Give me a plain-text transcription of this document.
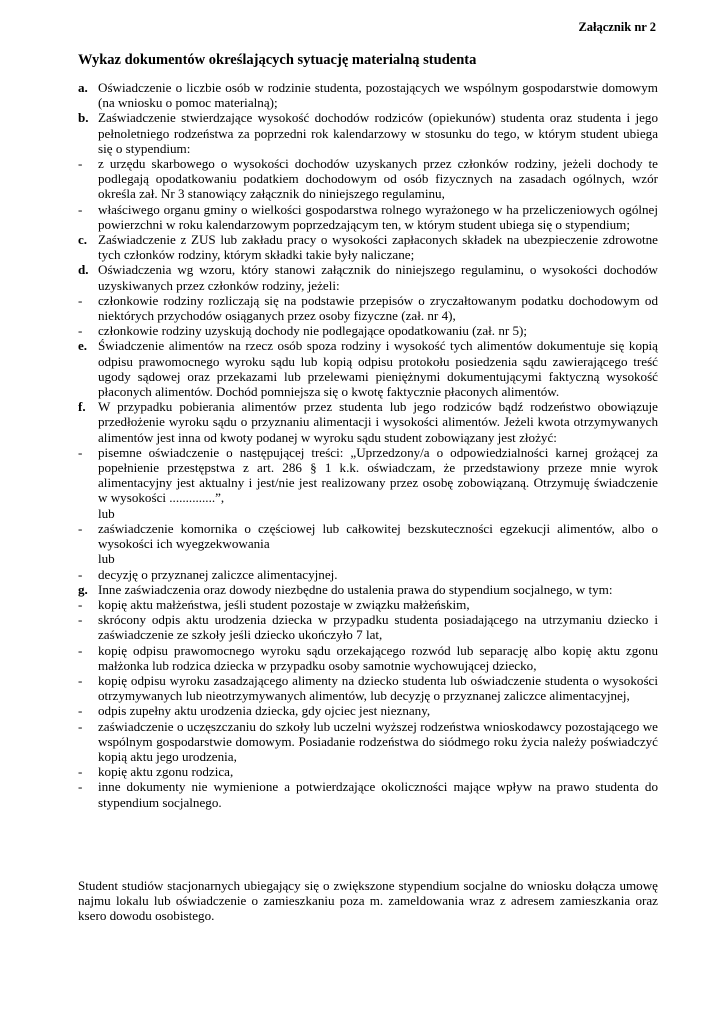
Załącznik nr 2
Wykaz dokumentów określających sytuację materialną studenta
a. Oświadczenie o liczbie osób w rodzinie studenta, pozostających we wspólnym gospodarstwie domowym (na wniosku o pomoc materialną);
b. Zaświadczenie stwierdzające wysokość dochodów rodziców (opiekunów) studenta oraz studenta i jego pełnoletniego rodzeństwa za poprzedni rok kalendarzowy w stosunku do tego, w którym student ubiega się o stypendium:
- z urzędu skarbowego o wysokości dochodów uzyskanych przez członków rodziny, jeżeli dochody te podlegają opodatkowaniu podatkiem dochodowym od osób fizycznych na zasadach ogólnych, wzór określa zał. Nr 3 stanowiący załącznik do niniejszego regulaminu,
- właściwego organu gminy o wielkości gospodarstwa rolnego wyrażonego w ha przeliczeniowych ogólnej powierzchni w roku kalendarzowym poprzedzającym ten, w którym student ubiega się o stypendium;
c. Zaświadczenie z ZUS lub zakładu pracy o wysokości zapłaconych składek na ubezpieczenie zdrowotne tych członków rodziny, którym składki takie były naliczane;
d. Oświadczenia wg wzoru, który stanowi załącznik do niniejszego regulaminu, o wysokości dochodów uzyskiwanych przez członków rodziny, jeżeli:
- członkowie rodziny rozliczają się na podstawie przepisów o zryczałtowanym podatku dochodowym od niektórych przychodów osiąganych przez osoby fizyczne (zał. nr 4),
- członkowie rodziny uzyskują dochody nie podlegające opodatkowaniu (zał. nr 5);
e. Świadczenie alimentów na rzecz osób spoza rodziny i wysokość tych alimentów dokumentuje się kopią odpisu prawomocnego wyroku sądu lub kopią odpisu protokołu posiedzenia sądu zawierającego treść ugody sądowej oraz przekazami lub przelewami pieniężnymi dokumentującymi faktyczną wysokość płaconych alimentów. Dochód pomniejsza się o kwotę faktycznie płaconych alimentów.
f. W przypadku pobierania alimentów przez studenta lub jego rodziców bądź rodzeństwo obowiązuje przedłożenie wyroku sądu o przyznaniu alimentacji i wysokości alimentów. Jeżeli kwota otrzymywanych alimentów jest inna od kwoty podanej w wyroku sądu student zobowiązany jest złożyć:
- pisemne oświadczenie o następującej treści: „Uprzedzony/a o odpowiedzialności karnej grożącej za popełnienie przestępstwa z art. 286 § 1 k.k. oświadczam, że przedstawiony przeze mnie wyrok alimentacyjny jest aktualny i jest/nie jest realizowany przez osobę zobowiązaną. Otrzymuję świadczenie w wysokości ..............”,
lub
- zaświadczenie komornika o częściowej lub całkowitej bezskuteczności egzekucji alimentów, albo o wysokości ich wyegzekwowania
lub
- decyzję o przyznanej zaliczce alimentacyjnej.
g. Inne zaświadczenia oraz dowody niezbędne do ustalenia prawa do stypendium socjalnego, w tym:
- kopię aktu małżeństwa, jeśli student pozostaje w związku małżeńskim,
- skrócony odpis aktu urodzenia dziecka w przypadku studenta posiadającego na utrzymaniu dziecko i zaświadczenie ze szkoły jeśli dziecko ukończyło 7 lat,
- kopię odpisu prawomocnego wyroku sądu orzekającego rozwód lub separację albo kopię aktu zgonu małżonka lub rodzica dziecka w przypadku osoby samotnie wychowującej dziecko,
- kopię odpisu wyroku zasadzającego alimenty na dziecko studenta lub oświadczenie studenta o wysokości otrzymywanych lub nieotrzymywanych alimentów, lub decyzję o przyznanej zaliczce alimentacyjnej,
- odpis zupełny aktu urodzenia dziecka, gdy ojciec jest nieznany,
- zaświadczenie o uczęszczaniu do szkoły lub uczelni wyższej rodzeństwa wnioskodawcy pozostającego we wspólnym gospodarstwie domowym. Posiadanie rodzeństwa do siódmego roku życia należy poświadczyć kopią aktu jego urodzenia,
- kopię aktu zgonu rodzica,
- inne dokumenty nie wymienione a potwierdzające okoliczności mające wpływ na prawo studenta do stypendium socjalnego.
Student studiów stacjonarnych ubiegający się o zwiększone stypendium socjalne do wniosku dołącza umowę najmu lokalu lub oświadczenie o zamieszkaniu poza m. zameldowania wraz z adresem zamieszkania oraz ksero dowodu osobistego.
